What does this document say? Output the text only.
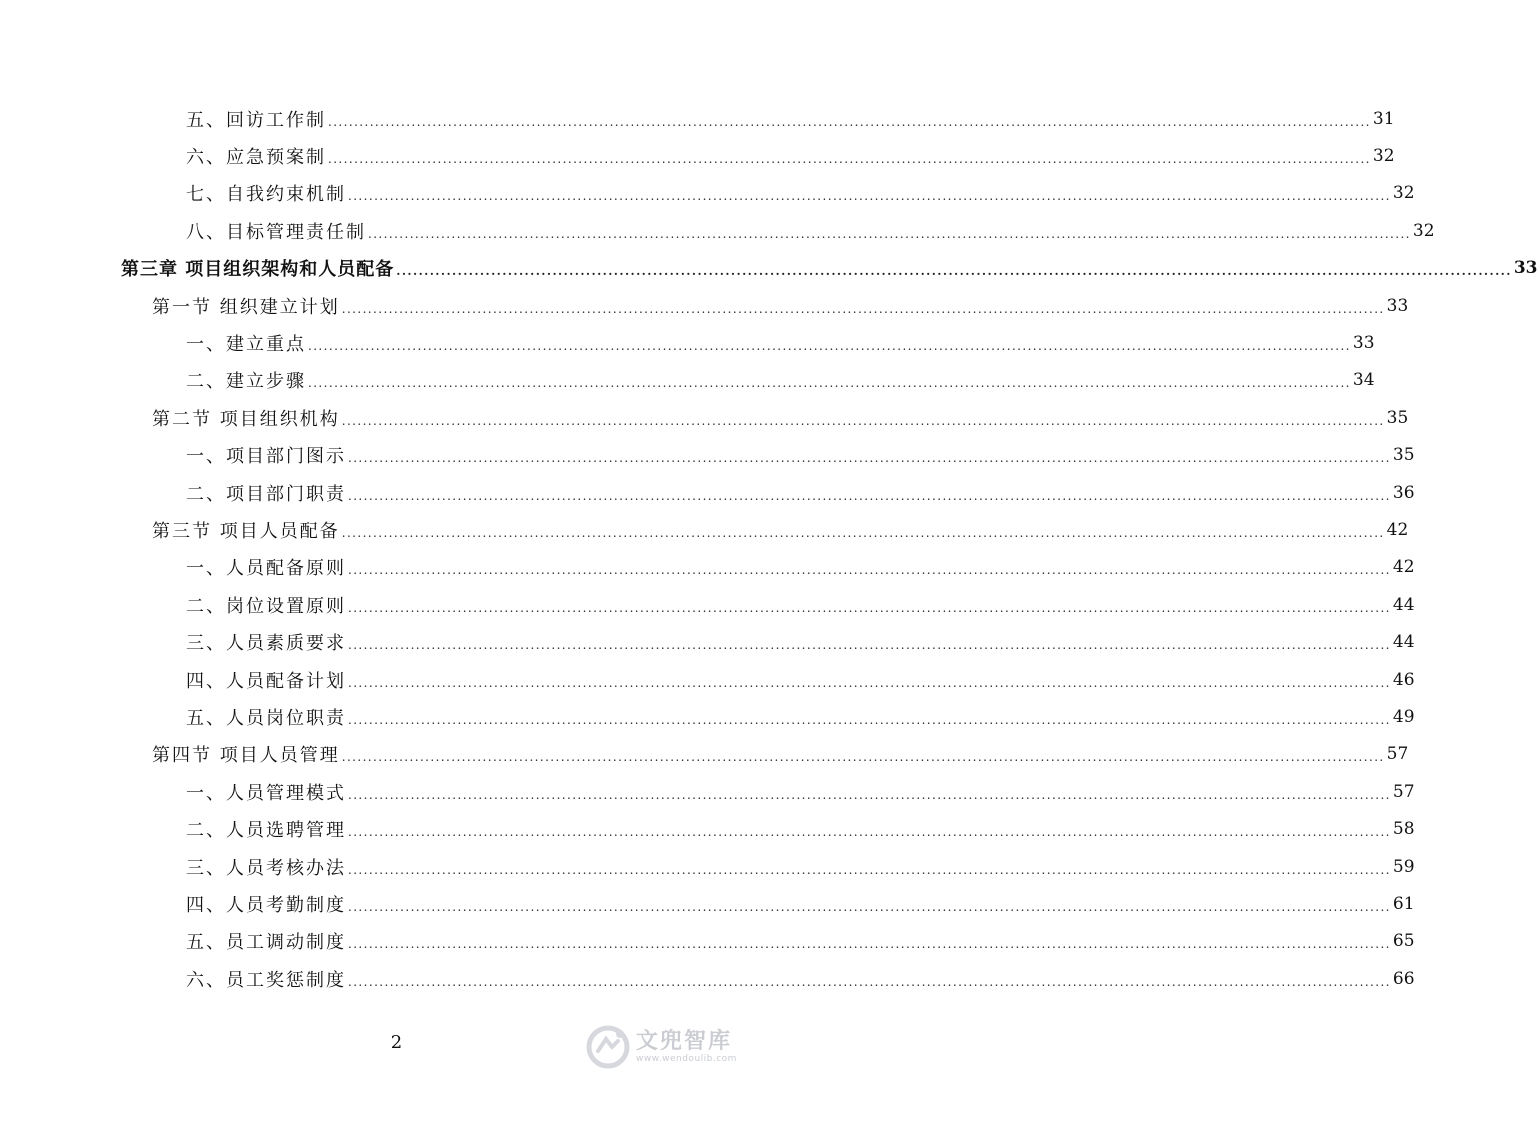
五、回访工作制 ........................................................................................................................................................................................................ 31
六、应急预案制 ........................................................................................................................................................................................................ 32
七、自我约束机制 ........................................................................................................................................................................................................ 32
八、目标管理责任制 ........................................................................................................................................................................................................ 32
第三章 项目组织架构和人员配备 ........................................................................................................................................................................................................ 33
第一节 组织建立计划 ........................................................................................................................................................................................................ 33
一、建立重点 ........................................................................................................................................................................................................ 33
二、建立步骤 ........................................................................................................................................................................................................ 34
第二节 项目组织机构 ........................................................................................................................................................................................................ 35
一、项目部门图示 ........................................................................................................................................................................................................ 35
二、项目部门职责 ........................................................................................................................................................................................................ 36
第三节 项目人员配备 ........................................................................................................................................................................................................ 42
一、人员配备原则 ........................................................................................................................................................................................................ 42
二、岗位设置原则 ........................................................................................................................................................................................................ 44
三、人员素质要求 ........................................................................................................................................................................................................ 44
四、人员配备计划 ........................................................................................................................................................................................................ 46
五、人员岗位职责 ........................................................................................................................................................................................................ 49
第四节 项目人员管理 ........................................................................................................................................................................................................ 57
一、人员管理模式 ........................................................................................................................................................................................................ 57
二、人员选聘管理 ........................................................................................................................................................................................................ 58
三、人员考核办法 ........................................................................................................................................................................................................ 59
四、人员考勤制度 ........................................................................................................................................................................................................ 61
五、员工调动制度 ........................................................................................................................................................................................................ 65
六、员工奖惩制度 ........................................................................................................................................................................................................ 66
2	文兜智库
www.wendoulib.com
